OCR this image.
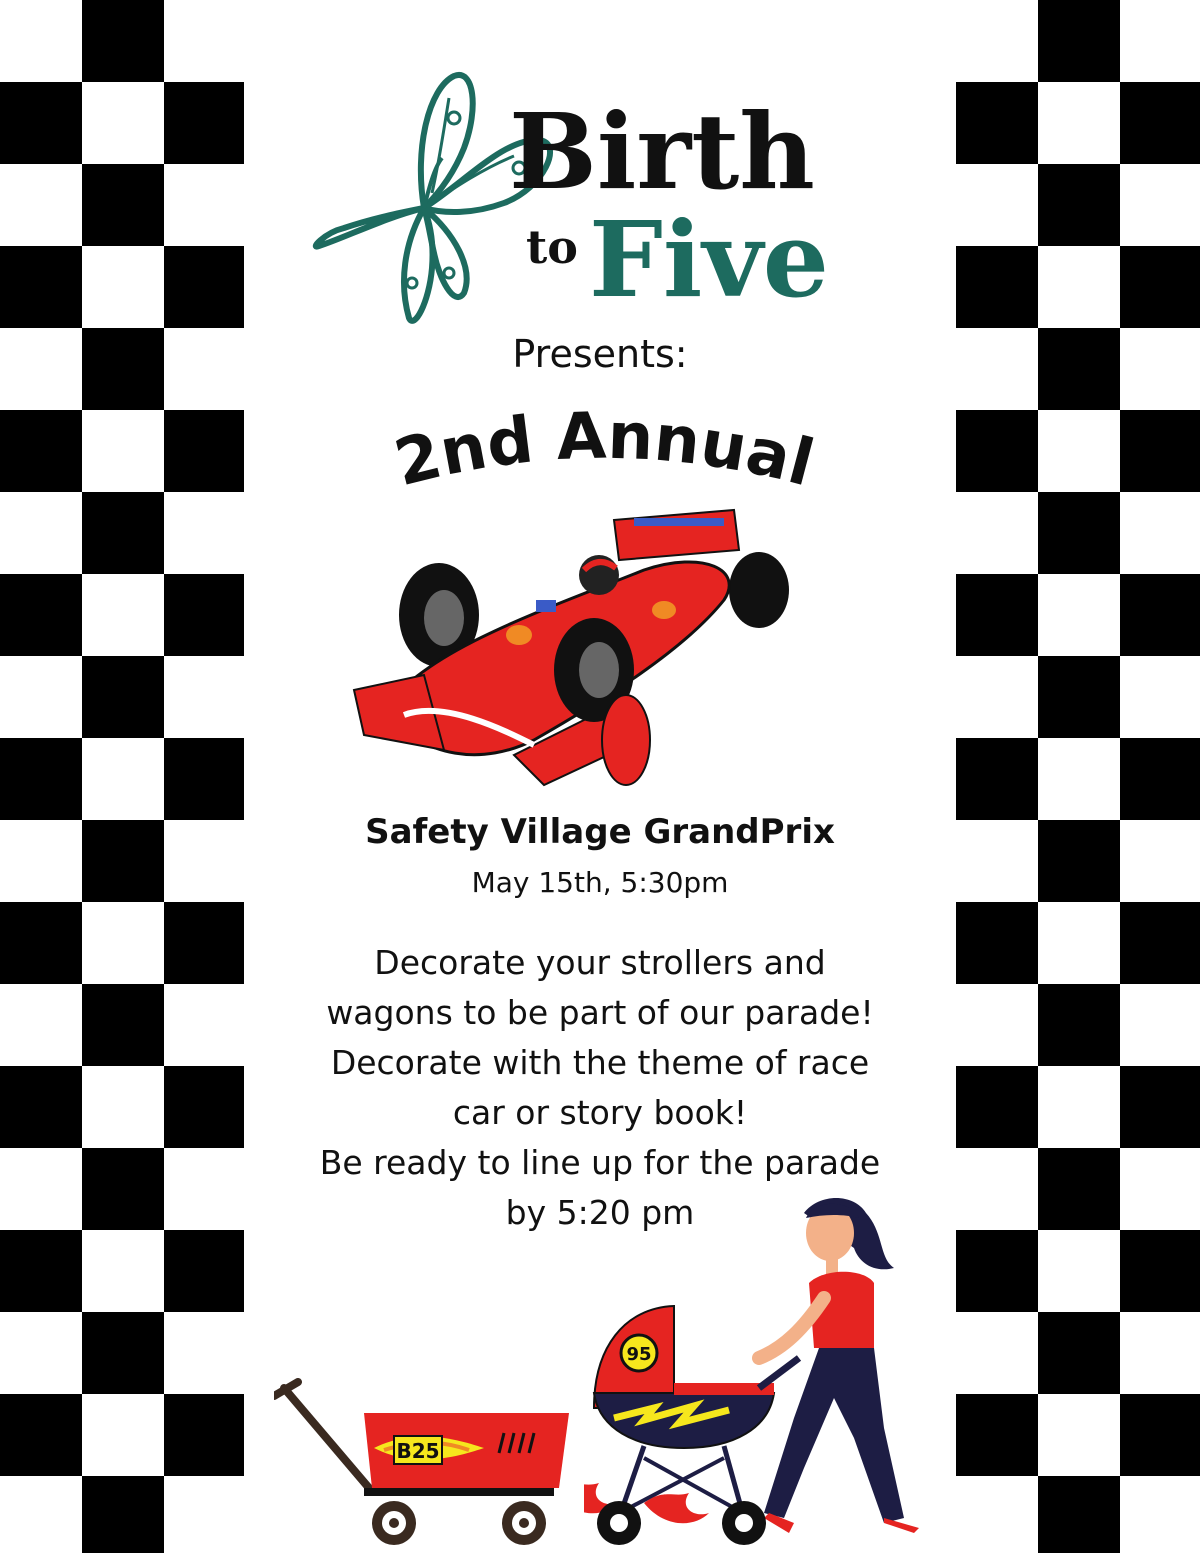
Birth
to Five
Presents:
2nd Annual
Safety Village GrandPrix
May 15th, 5:30pm
Decorate your strollers and
wagons to be part of our parade!
Decorate with the theme of race
car or story book!
Be ready to line up for the parade
by 5:20 pm
B25
95
